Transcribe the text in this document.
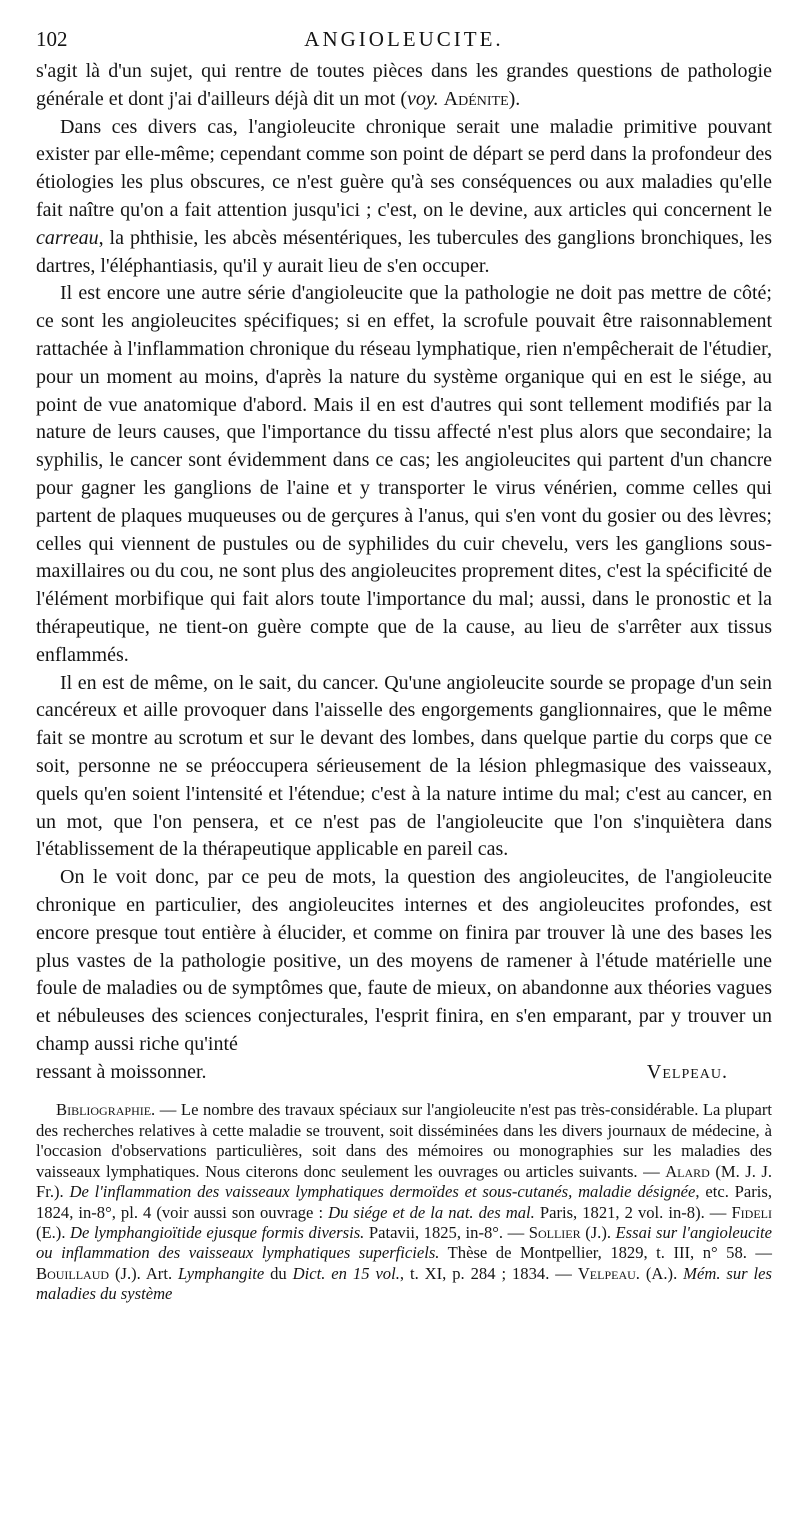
102	ANGIOLEUCITE.

s'agit là d'un sujet, qui rentre de toutes pièces dans les grandes questions de pathologie générale et dont j'ai d'ailleurs déjà dit un mot (voy. Adénite).

Dans ces divers cas, l'angioleucite chronique serait une maladie primitive pouvant exister par elle-même; cependant comme son point de départ se perd dans la profondeur des étiologies les plus obscures, ce n'est guère qu'à ses conséquences ou aux maladies qu'elle fait naître qu'on a fait attention jusqu'ici ; c'est, on le devine, aux articles qui concernent le carreau, la phthisie, les abcès mésentériques, les tubercules des ganglions bronchiques, les dartres, l'éléphantiasis, qu'il y aurait lieu de s'en occuper.

Il est encore une autre série d'angioleucite que la pathologie ne doit pas mettre de côté; ce sont les angioleucites spécifiques; si en effet, la scrofule pouvait être raisonnablement rattachée à l'inflammation chronique du réseau lymphatique, rien n'empêcherait de l'étudier, pour un moment au moins, d'après la nature du système organique qui en est le siége, au point de vue anatomique d'abord. Mais il en est d'autres qui sont tellement modifiés par la nature de leurs causes, que l'importance du tissu affecté n'est plus alors que secondaire; la syphilis, le cancer sont évidemment dans ce cas; les angioleucites qui partent d'un chancre pour gagner les ganglions de l'aine et y transporter le virus vénérien, comme celles qui partent de plaques muqueuses ou de gerçures à l'anus, qui s'en vont du gosier ou des lèvres; celles qui viennent de pustules ou de syphilides du cuir chevelu, vers les ganglions sous-maxillaires ou du cou, ne sont plus des angioleucites proprement dites, c'est la spécificité de l'élément morbifique qui fait alors toute l'importance du mal; aussi, dans le pronostic et la thérapeutique, ne tient-on guère compte que de la cause, au lieu de s'arrêter aux tissus enflammés.

Il en est de même, on le sait, du cancer. Qu'une angioleucite sourde se propage d'un sein cancéreux et aille provoquer dans l'aisselle des engorgements ganglionnaires, que le même fait se montre au scrotum et sur le devant des lombes, dans quelque partie du corps que ce soit, personne ne se préoccupera sérieusement de la lésion phlegmasique des vaisseaux, quels qu'en soient l'intensité et l'étendue; c'est à la nature intime du mal; c'est au cancer, en un mot, que l'on pensera, et ce n'est pas de l'angioleucite que l'on s'inquiètera dans l'établissement de la thérapeutique applicable en pareil cas.

On le voit donc, par ce peu de mots, la question des angioleucites, de l'angioleucite chronique en particulier, des angioleucites internes et des angioleucites profondes, est encore presque tout entière à élucider, et comme on finira par trouver là une des bases les plus vastes de la pathologie positive, un des moyens de ramener à l'étude matérielle une foule de maladies ou de symptômes que, faute de mieux, on abandonne aux théories vagues et nébuleuses des sciences conjecturales, l'esprit finira, en s'en emparant, par y trouver un champ aussi riche qu'inté

ressant à moissonner.	Velpeau.

Bibliographie. — Le nombre des travaux spéciaux sur l'angioleucite n'est pas très-considérable. La plupart des recherches relatives à cette maladie se trouvent, soit disséminées dans les divers journaux de médecine, à l'occasion d'observations particulières, soit dans des mémoires ou monographies sur les maladies des vaisseaux lymphatiques. Nous citerons donc seulement les ouvrages ou articles suivants. — Alard (M. J. J. Fr.). De l'inflammation des vaisseaux lymphatiques dermoïdes et sous-cutanés, maladie désignée, etc. Paris, 1824, in-8°, pl. 4 (voir aussi son ouvrage : Du siége et de la nat. des mal. Paris, 1821, 2 vol. in-8). — Fideli (E.). De lymphangioïtide ejusque formis diversis. Patavii, 1825, in-8°. — Sollier (J.). Essai sur l'angioleucite ou inflammation des vaisseaux lymphatiques superficiels. Thèse de Montpellier, 1829, t. III, n° 58. — Bouillaud (J.). Art. Lymphangite du Dict. en 15 vol., t. XI, p. 284 ; 1834. — Velpeau. (A.). Mém. sur les maladies du système
